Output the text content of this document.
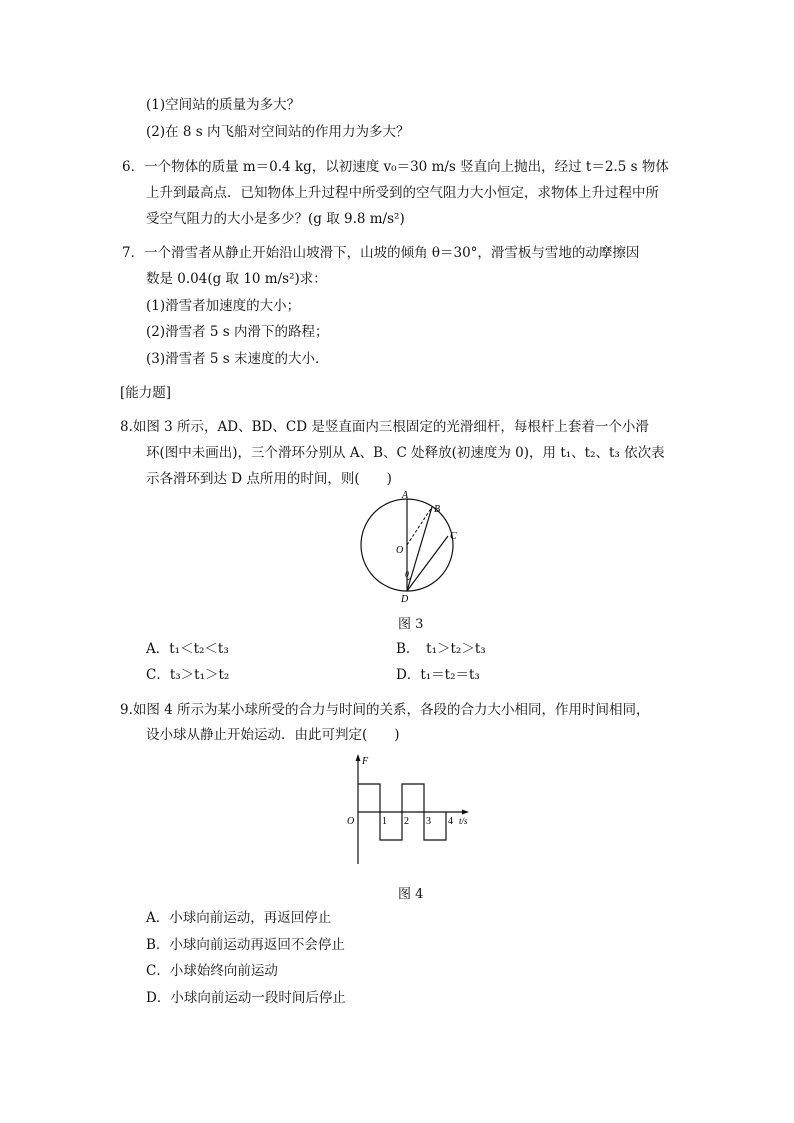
(1)空间站的质量为多大？
(2)在 8 s 内飞船对空间站的作用力为多大？
6．一个物体的质量 m＝0.4 kg，以初速度 v₀＝30 m/s 竖直向上抛出，经过 t＝2.5 s 物体
上升到最高点．已知物体上升过程中所受到的空气阻力大小恒定，求物体上升过程中所
受空气阻力的大小是多少？(g 取 9.8 m/s²)
7．一个滑雪者从静止开始沿山坡滑下，山坡的倾角 θ＝30°，滑雪板与雪地的动摩擦因
数是 0.04(g 取 10 m/s²)求：
(1)滑雪者加速度的大小；
(2)滑雪者 5 s 内滑下的路程；
(3)滑雪者 5 s 末速度的大小．
[能力题]
8.如图 3 所示，AD、BD、CD 是竖直面内三根固定的光滑细杆，每根杆上套着一个小滑
环(图中未画出)，三个滑环分别从 A、B、C 处释放(初速度为 0)，用 t₁、t₂、t₃ 依次表
示各滑环到达 D 点所用的时间，则(　　)
A
B
C
O
D
θ
图 3
A．t₁＜t₂＜t₃	B．　t₁＞t₂＞t₃
C．t₃＞t₁＞t₂	D．t₁＝t₂＝t₃
9.如图 4 所示为某小球所受的合力与时间的关系，各段的合力大小相同，作用时间相同，
设小球从静止开始运动．由此可判定(　　)
F
t/s
O	1 2 3 4
图 4
A．小球向前运动，再返回停止
B．小球向前运动再返回不会停止
C．小球始终向前运动
D．小球向前运动一段时间后停止
